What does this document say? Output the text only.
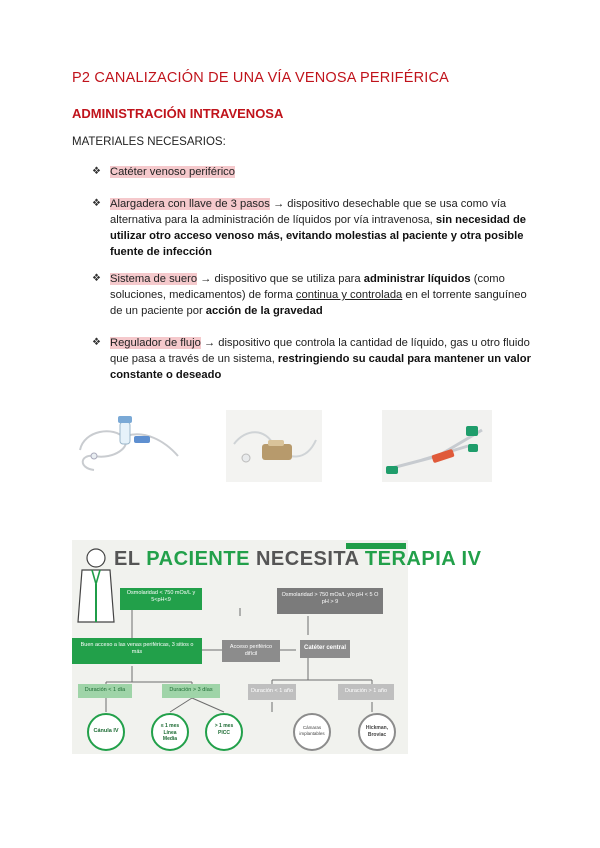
P2 CANALIZACIÓN DE UNA VÍA VENOSA PERIFÉRICA
ADMINISTRACIÓN INTRAVENOSA
MATERIALES NECESARIOS:
❖ Catéter venoso periférico
❖ Alargadera con llave de 3 pasos → dispositivo desechable que se usa como vía alternativa para la administración de líquidos por vía intravenosa, sin necesidad de utilizar otro acceso venoso más, evitando molestias al paciente y otra posible fuente de infección
❖ Sistema de suero → dispositivo que se utiliza para administrar líquidos (como soluciones, medicamentos) de forma continua y controlada en el torrente sanguíneo de un paciente por acción de la gravedad
❖ Regulador de flujo → dispositivo que controla la cantidad de líquido, gas u otro fluido que pasa a través de un sistema, restringiendo su caudal para mantener un valor constante o deseado
EL PACIENTE NECESITA TERAPIA IV
Osmolaridad < 750 mOs/L y 5<pH<9
Osmolaridad > 750 mOs/L y/o pH < 5 O pH > 9
Buen acceso a las venas periféricas, 3 sitios o más
Acceso periférico difícil
Catéter central
Duración < 1 día	Duración > 3 días	Duración < 1 año	Duración > 1 año
Cánula IV
≤ 1 mes Línea Media
> 1 mes PICC
Cámaras implantables
Hickman, Broviac
